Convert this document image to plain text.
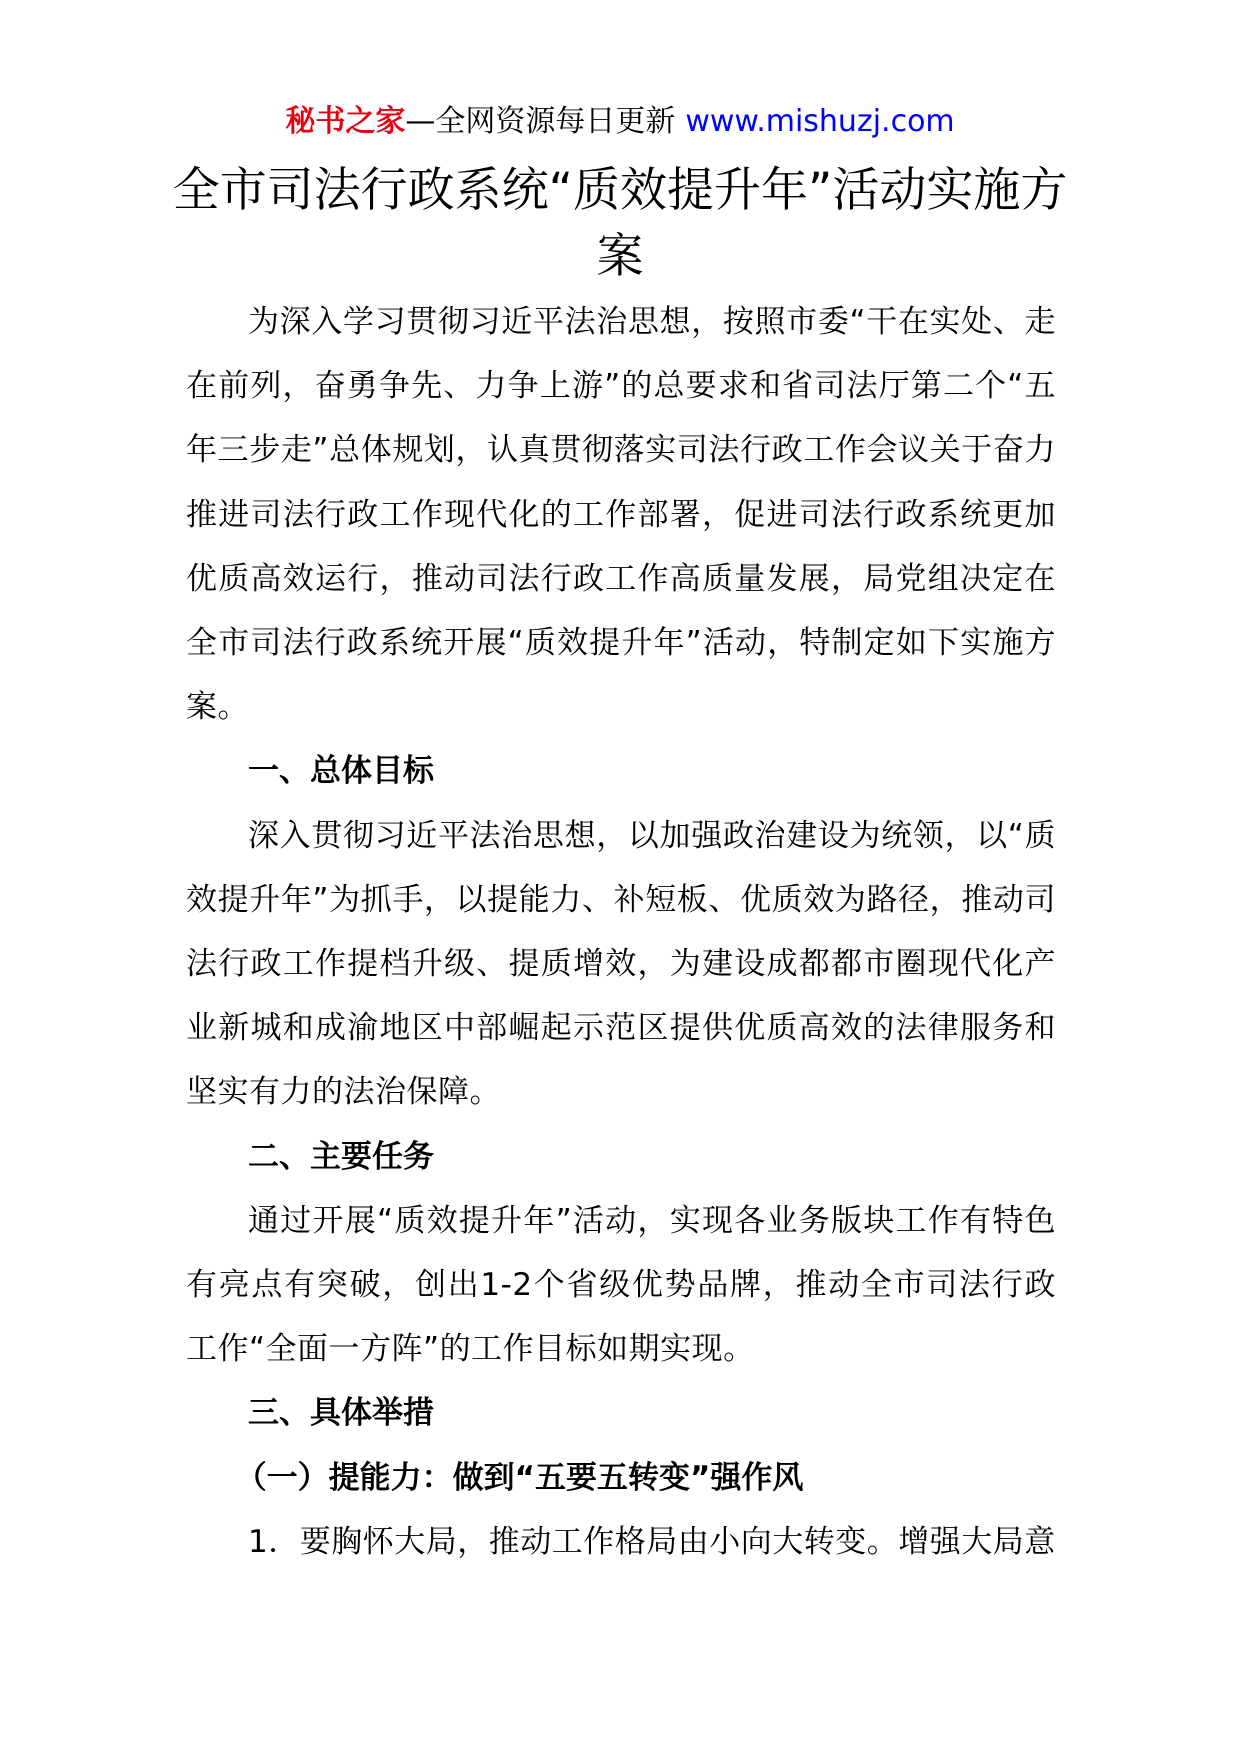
秘书之家—全网资源每日更新 www.mishuzj.com
全市司法行政系统“质效提升年”活动实施方案

为深入学习贯彻习近平法治思想，按照市委“干在实处、走在前列，奋勇争先、力争上游”的总要求和省司法厅第二个“五年三步走”总体规划，认真贯彻落实司法行政工作会议关于奋力推进司法行政工作现代化的工作部署，促进司法行政系统更加优质高效运行，推动司法行政工作高质量发展，局党组决定在全市司法行政系统开展“质效提升年”活动，特制定如下实施方案。

一、总体目标

深入贯彻习近平法治思想，以加强政治建设为统领，以“质效提升年”为抓手，以提能力、补短板、优质效为路径，推动司法行政工作提档升级、提质增效，为建设成都都市圈现代化产业新城和成渝地区中部崛起示范区提供优质高效的法律服务和坚实有力的法治保障。

二、主要任务

通过开展“质效提升年”活动，实现各业务版块工作有特色有亮点有突破，创出1-2个省级优势品牌，推动全市司法行政工作“全面一方阵”的工作目标如期实现。

三、具体举措

（一）提能力：做到“五要五转变”强作风

1．要胸怀大局，推动工作格局由小向大转变。增强大局意
